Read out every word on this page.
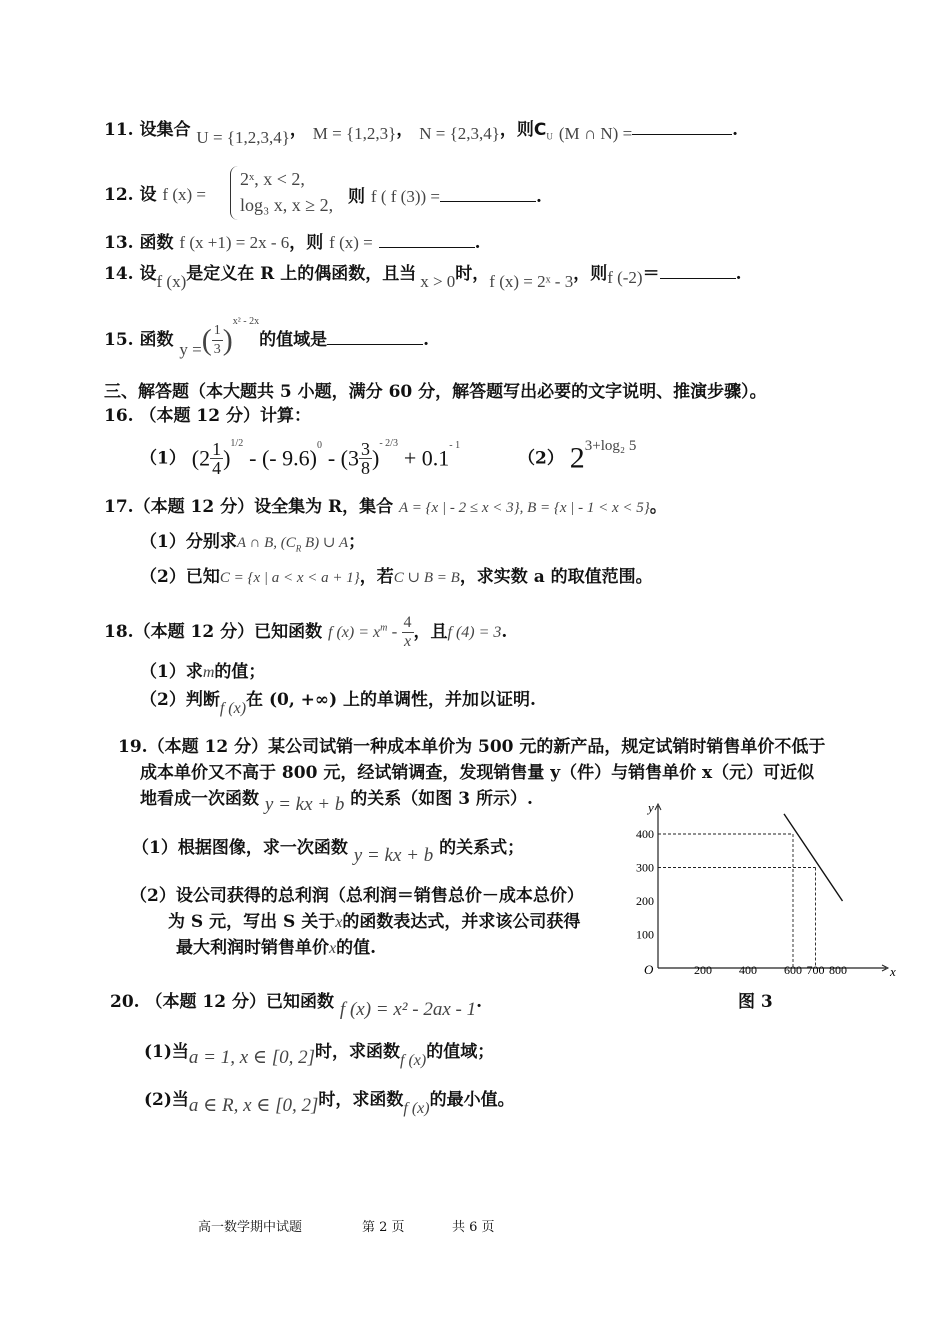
11. 设集合 U = {1,2,3,4}， M = {1,2,3}， N = {2,3,4}，则$C_U$ (M ∩ N) =	.
12. 设 f (x) =
2ˣ, x < 2,
log₃ x, x ≥ 2, 则 f ( f (3)) =	.
13. 函数 f (x +1) = 2x - 6，则 f (x) =	.
14. 设f (x)是定义在 R 上的偶函数，且当 x > 0时，f (x) = 2ˣ - 3，则f (-2)＝	.
15. 函数 y =( $\frac{1}{3} )^{x^2 - 2x}$的值域是	.
三、解答题（本大题共 5 小题，满分 60 分，解答题写出必要的文字说明、推演步骤）。
16. （本题 12 分）计算：
（1） $(2 \frac{1}{4} )^{1/2}$ - (- $9.6)^0 - (3 \frac{3}{8} )^{- 2/3} + 0.1^{- 1}$  （2） $2^{3+log_2 5}$
17.（本题 12 分）设全集为 R，集合 A = {x | - 2 ≤ x < 3}, B = {x | - 1 < x < 5}。
（1）分别求A ∩ B, ($C_R$ B) ∪ A；
（2）已知C = {x | a < x < a + 1}，若C ∪ B = B，求实数 a 的取值范围。
18.（本题 12 分）已知函数 f $(x) = x^m - \frac{4}{x}$ ，且f (4) = 3.
（1）求m的值；
（2）判断f (x)在 (0, +∞) 上的单调性，并加以证明.
19.（本题 12 分）某公司试销一种成本单价为 500 元的新产品，规定试销时销售单价不低于
成本单价又不高于 800 元，经试销调查，发现销售量 y（件）与销售单价 x（元）可近似
地看成一次函数 y = kx + b 的关系（如图 3 所示）.
（1）根据图像，求一次函数 y = kx + b 的关系式；
（2）设公司获得的总利润（总利润＝销售总价－成本总价）
为 S 元，写出 S 关于x的函数表达式，并求该公司获得
最大利润时销售单价x的值.
x
y
O	200 400 600 700 800
100
200
300
400
图 3
20. （本题 12 分）已知函数 f (x) = x² - 2ax - 1.
(1)当a = 1, x ∈ [0, 2]时，求函数f (x)的值域；
(2)当a ∈ R, x ∈ [0, 2]时，求函数f (x)的最小值。
高一数学期中试题	第 2 页	共 6 页
